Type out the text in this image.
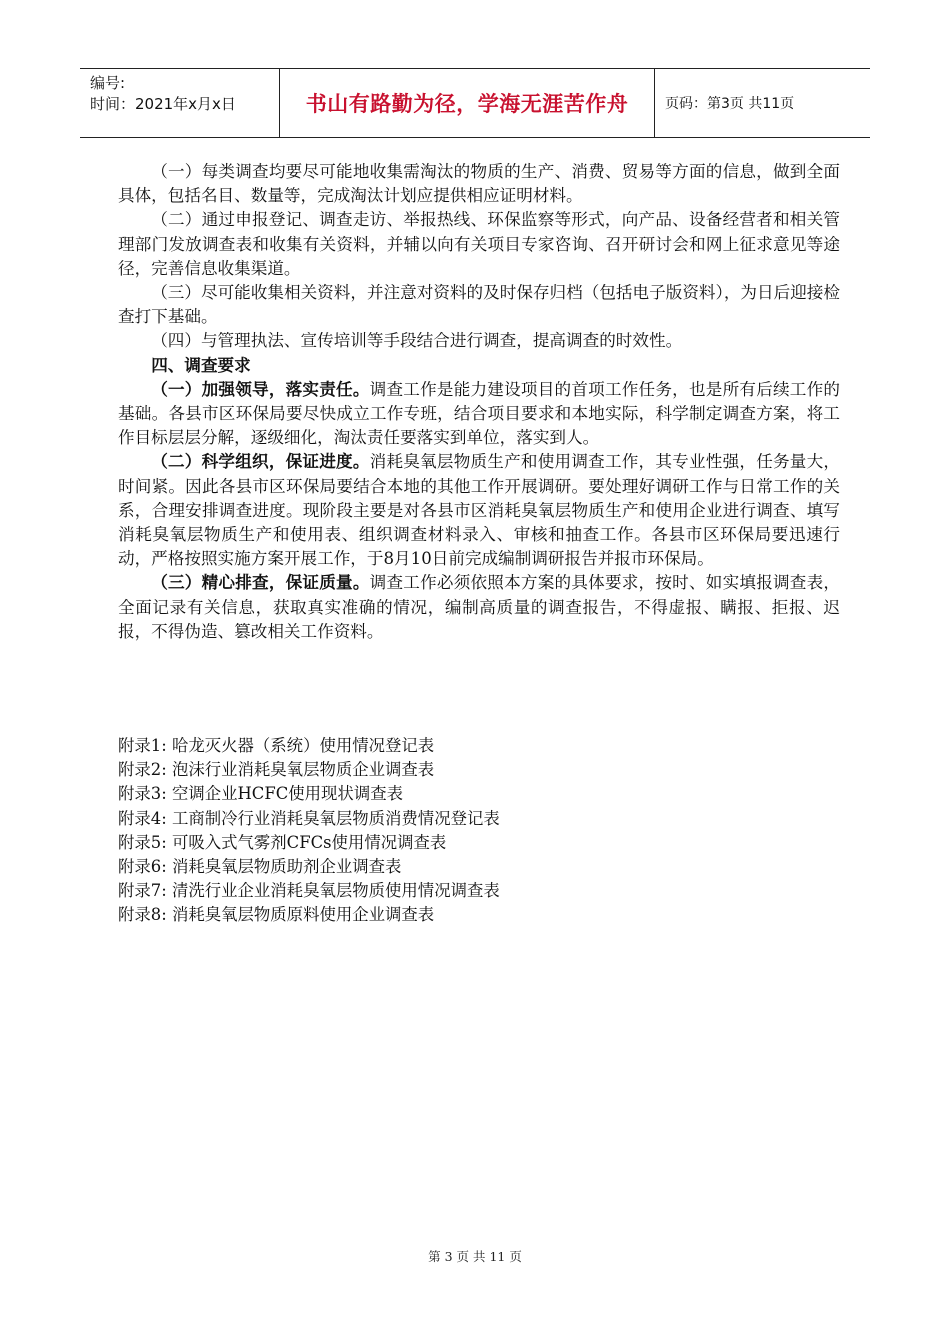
编号:
时间：2021年x月x日	书山有路勤为径，学海无涯苦作舟	页码：第3页 共11页

（一）每类调查均要尽可能地收集需淘汰的物质的生产、消费、贸易等方面的信息，做到全面具体，包括名目、数量等，完成淘汰计划应提供相应证明材料。

（二）通过申报登记、调查走访、举报热线、环保监察等形式，向产品、设备经营者和相关管理部门发放调查表和收集有关资料，并辅以向有关项目专家咨询、召开研讨会和网上征求意见等途径，完善信息收集渠道。

（三）尽可能收集相关资料，并注意对资料的及时保存归档（包括电子版资料），为日后迎接检查打下基础。

（四）与管理执法、宣传培训等手段结合进行调查，提高调查的时效性。

四、调查要求

（一）加强领导，落实责任。调查工作是能力建设项目的首项工作任务，也是所有后续工作的基础。各县市区环保局要尽快成立工作专班，结合项目要求和本地实际，科学制定调查方案，将工作目标层层分解，逐级细化，淘汰责任要落实到单位，落实到人。

（二）科学组织，保证进度。消耗臭氧层物质生产和使用调查工作，其专业性强，任务量大，时间紧。因此各县市区环保局要结合本地的其他工作开展调研。要处理好调研工作与日常工作的关系，合理安排调查进度。现阶段主要是对各县市区消耗臭氧层物质生产和使用企业进行调查、填写消耗臭氧层物质生产和使用表、组织调查材料录入、审核和抽查工作。各县市区环保局要迅速行动，严格按照实施方案开展工作，于8月10日前完成编制调研报告并报市环保局。

（三）精心排查，保证质量。调查工作必须依照本方案的具体要求，按时、如实填报调查表，全面记录有关信息，获取真实准确的情况，编制高质量的调查报告，不得虚报、瞒报、拒报、迟报，不得伪造、篡改相关工作资料。

附录1: 哈龙灭火器（系统）使用情况登记表
附录2: 泡沫行业消耗臭氧层物质企业调查表
附录3: 空调企业HCFC使用现状调查表
附录4: 工商制冷行业消耗臭氧层物质消费情况登记表
附录5: 可吸入式气雾剂CFCs使用情况调查表
附录6: 消耗臭氧层物质助剂企业调查表
附录7: 清洗行业企业消耗臭氧层物质使用情况调查表
附录8: 消耗臭氧层物质原料使用企业调查表
第 3 页 共 11 页
